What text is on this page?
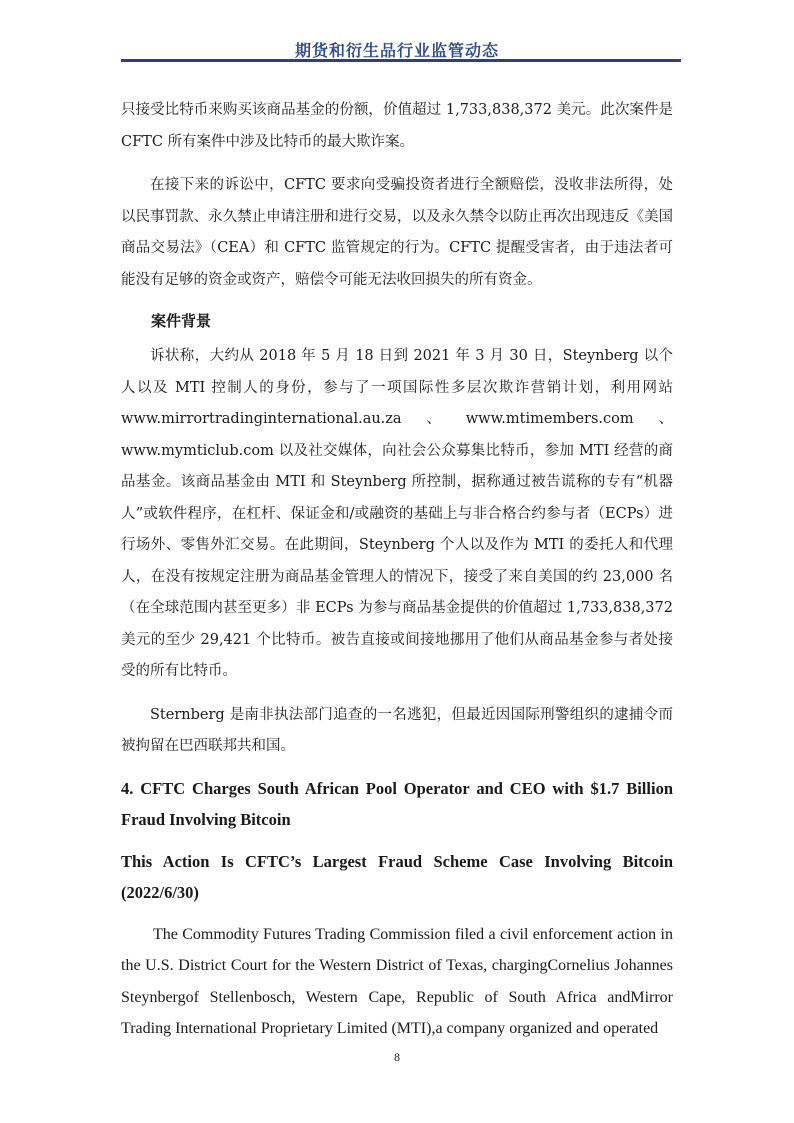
期货和衍生品行业监管动态

只接受比特币来购买该商品基金的份额，价值超过 1,733,838,372 美元。此次案件是 CFTC 所有案件中涉及比特币的最大欺诈案。

在接下来的诉讼中，CFTC 要求向受骗投资者进行全额赔偿，没收非法所得，处以民事罚款、永久禁止申请注册和进行交易，以及永久禁令以防止再次出现违反《美国商品交易法》（CEA）和 CFTC 监管规定的行为。CFTC 提醒受害者，由于违法者可能没有足够的资金或资产，赔偿令可能无法收回损失的所有资金。

案件背景

诉状称，大约从 2018 年 5 月 18 日到 2021 年 3 月 30 日，Steynberg 以个人以及 MTI 控制人的身份，参与了一项国际性多层次欺诈营销计划，利用网站 www.mirrortradinginternational.au.za、www.mtimembers.com、www.mymticlub.com 以及社交媒体，向社会公众募集比特币，参加 MTI 经营的商品基金。该商品基金由 MTI 和 Steynberg 所控制，据称通过被告谎称的专有“机器人”或软件程序，在杠杆、保证金和/或融资的基础上与非合格合约参与者（ECPs）进行场外、零售外汇交易。在此期间，Steynberg 个人以及作为 MTI 的委托人和代理人，在没有按规定注册为商品基金管理人的情况下，接受了来自美国的约 23,000 名（在全球范围内甚至更多）非 ECPs 为参与商品基金提供的价值超过 1,733,838,372 美元的至少 29,421 个比特币。被告直接或间接地挪用了他们从商品基金参与者处接受的所有比特币。

Sternberg 是南非执法部门追查的一名逃犯，但最近因国际刑警组织的逮捕令而被拘留在巴西联邦共和国。

4. CFTC Charges South African Pool Operator and CEO with $1.7 Billion Fraud Involving Bitcoin

This Action Is CFTC’s Largest Fraud Scheme Case Involving Bitcoin (2022/6/30)

The Commodity Futures Trading Commission filed a civil enforcement action in the U.S. District Court for the Western District of Texas, chargingCornelius Johannes Steynbergof Stellenbosch, Western Cape, Republic of South Africa andMirror Trading International Proprietary Limited (MTI),a company organized and operated

8
